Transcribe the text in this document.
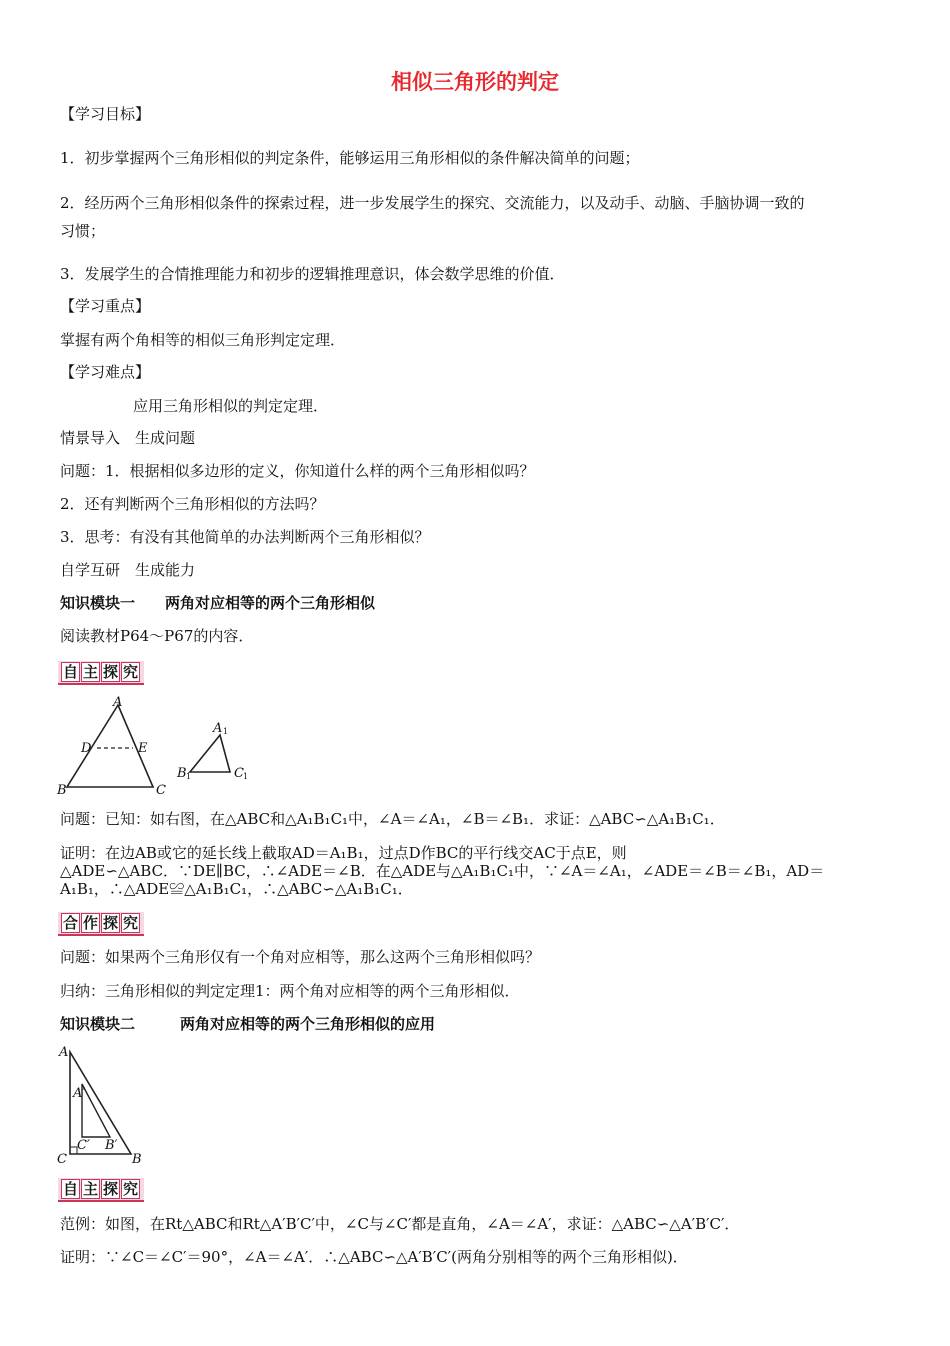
相似三角形的判定
【学习目标】
1．初步掌握两个三角形相似的判定条件，能够运用三角形相似的条件解决简单的问题；
2．经历两个三角形相似条件的探索过程，进一步发展学生的探究、交流能力，以及动手、动脑、手脑协调一致的
习惯；
3．发展学生的合情推理能力和初步的逻辑推理意识，体会数学思维的价值．
【学习重点】
掌握有两个角相等的相似三角形判定定理．
【学习难点】
应用三角形相似的判定定理．
情景导入　生成问题
问题：1．根据相似多边形的定义，你知道什么样的两个三角形相似吗？
2．还有判断两个三角形相似的方法吗？
3．思考：有没有其他简单的办法判断两个三角形相似？
自学互研　生成能力
知识模块一　　两角对应相等的两个三角形相似
阅读教材P64～P67的内容．
自 主 探 究
A
D	E
B	C
A 1
B 1	C 1
问题：已知：如右图，在△ABC和△A₁B₁C₁中，∠A＝∠A₁，∠B＝∠B₁．求证：△ABC∽△A₁B₁C₁．
证明：在边AB或它的延长线上截取AD＝A₁B₁，过点D作BC的平行线交AC于点E，则
△ADE∽△ABC．∵DE∥BC，∴∠ADE＝∠B．在△ADE与△A₁B₁C₁中，∵∠A＝∠A₁，∠ADE＝∠B＝∠B₁，AD＝
A₁B₁，∴△ADE≌△A₁B₁C₁，∴△ABC∽△A₁B₁C₁．
合 作 探 究
问题：如果两个三角形仅有一个角对应相等，那么这两个三角形相似吗？
归纳：三角形相似的判定定理1：两个角对应相等的两个三角形相似．
知识模块二　　　两角对应相等的两个三角形相似的应用
A
A′
C′ B′
C	B
自 主 探 究
范例：如图，在Rt△ABC和Rt△A′B′C′中，∠C与∠C′都是直角，∠A＝∠A′，求证：△ABC∽△A′B′C′．
证明：∵∠C＝∠C′＝90°，∠A＝∠A′．∴△ABC∽△A′B′C′(两角分别相等的两个三角形相似)．
